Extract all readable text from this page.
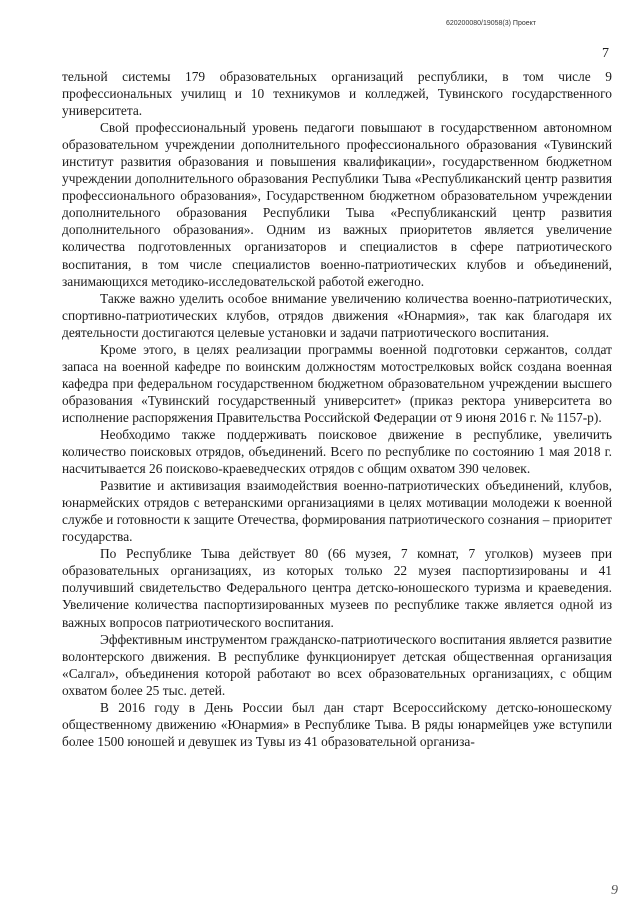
620200080/19058(3) Проект
7

тельной системы 179 образовательных организаций республики, в том числе 9 профессиональных училищ и 10 техникумов и колледжей, Тувинского государственного университета.

Свой профессиональный уровень педагоги повышают в государственном автономном образовательном учреждении дополнительного профессионального образования «Тувинский институт развития образования и повышения квалификации», государственном бюджетном учреждении дополнительного образования Республики Тыва «Республиканский центр развития профессионального образования», Государственном бюджетном образовательном учреждении дополнительного образования Республики Тыва «Республиканский центр развития дополнительного образования». Одним из важных приоритетов является увеличение количества подготовленных организаторов и специалистов в сфере патриотического воспитания, в том числе специалистов военно-патриотических клубов и объединений, занимающихся методико-исследовательской работой ежегодно.

Также важно уделить особое внимание увеличению количества военно-патриотических, спортивно-патриотических клубов, отрядов движения «Юнармия», так как благодаря их деятельности достигаются целевые установки и задачи патриотического воспитания.

Кроме этого, в целях реализации программы военной подготовки сержантов, солдат запаса на военной кафедре по воинским должностям мотострелковых войск создана военная кафедра при федеральном государственном бюджетном образовательном учреждении высшего образования «Тувинский государственный университет» (приказ ректора университета во исполнение распоряжения Правительства Российской Федерации от 9 июня 2016 г. № 1157-р).

Необходимо также поддерживать поисковое движение в республике, увеличить количество поисковых отрядов, объединений. Всего по республике по состоянию 1 мая 2018 г. насчитывается 26 поисково-краеведческих отрядов с общим охватом 390 человек.

Развитие и активизация взаимодействия военно-патриотических объединений, клубов, юнармейских отрядов с ветеранскими организациями в целях мотивации молодежи к военной службе и готовности к защите Отечества, формирования патриотического сознания – приоритет государства.

По Республике Тыва действует 80 (66 музея, 7 комнат, 7 уголков) музеев при образовательных организациях, из которых только 22 музея паспортизированы и 41 получивший свидетельство Федерального центра детско-юношеского туризма и краеведения. Увеличение количества паспортизированных музеев по республике также является одной из важных вопросов патриотического воспитания.

Эффективным инструментом гражданско-патриотического воспитания является развитие волонтерского движения. В республике функционирует детская общественная организация «Салгал», объединения которой работают во всех образовательных организациях, с общим охватом более 25 тыс. детей.

В 2016 году в День России был дан старт Всероссийскому детско-юношескому общественному движению «Юнармия» в Республике Тыва. В ряды юнармейцев уже вступили более 1500 юношей и девушек из Тувы из 41 образовательной организа-

9
